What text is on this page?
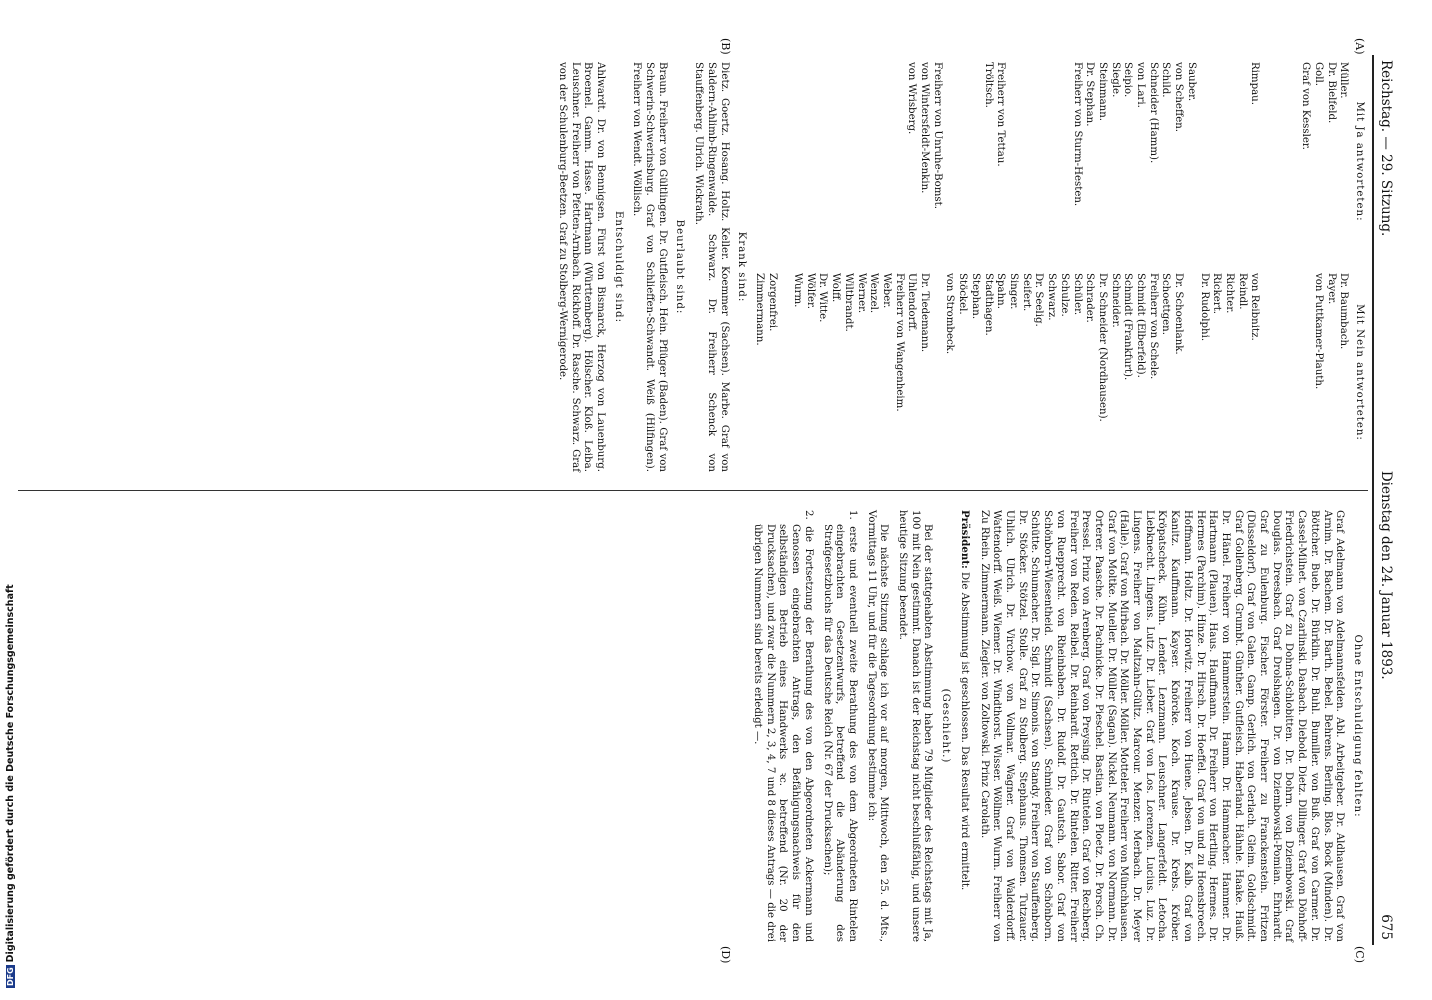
Reichstag. — 29. Sitzung.
Dienstag den 24. Januar 1893.
675
(A)
(B)
(C)
(D)
Mit Ja antworteten:
Müller.
Dr. Bielfeld.
Goll.
Graf von Kessler.

Rimpau.

Sauber.
von Scheffen.
Schild.
Schneider (Hamm).
von Lari.
Seipio.
Siegle.
Steinmann.
Dr. Stephan.
Freiherr von Sturm-Hesten.

Freiherr von Tettau.
Tröltsch.

Freiherr von Unruhe-Bomst.
von Wintersfeldt-Menkin.
von Wrisberg.
Mit Nein antworteten:
Dr. Baumbach.
Payer.
von Puttkamer-Plauth.

von Reibnitz.
Reindl.
Richter.
Rickert.
Dr. Rudolphi.

Dr. Schoenlank.
Schoettgen.
Freiherr von Schele.
Schmidt (Elberfeld).
Schmidt (Frankfurt).
Schneider.
Dr. Schneider (Nordhausen).
Schrader.
Schüler.
Schulze.
Schwarz.
Dr. Seelig.
Seifert.
Singer.
Spahn.
Stadthagen.
Stephan.
Stöckel.
von Strombeck.

Dr. Tiedemann.
Uhlendorff.
Freiherr von Wangenheim.
Weber.
Wenzel.
Werner.
Wiltbrandt.
Wolff.
Dr. Witte.
Wölfer.
Wurm.

Zorgenfrei.
Zimmermann.
Krank sind:

Dietz. Goertz. Hosang. Holtz. Keller. Koemmer (Sachsen). Marbe. Graf von Saldern-Ahlimb-Ringenwalde. Schwarz. Dr. Freiherr Schenck von Stauffenberg. Ulrich. Wickrath.

Beurlaubt sind:

Braun. Freiherr von Gültlingen. Dr. Gutfleisch. Hein. Pflüger (Baden). Graf von Schwerin-Schwerinsburg. Graf von Schlieffen-Schwandt. Weiß (Hilfingen). Freiherr von Wendt. Wöllisch.

Entschuldigt sind:

Ahlwardt. Dr. von Bennigsen. Fürst von Bismarck, Herzog von Lauenburg. Broemel. Gamm. Hasse. Hartmann (Württemberg). Hölscher. Kloß. Leiba. Leuschner. Freiherr von Pfetten-Arnbach. Rickhoff. Dr. Rasche. Schwarz. Graf von der Schulenburg-Beetzen. Graf zu Stolberg-Wernigerode.

Ohne Entschuldigung fehlten:

Graf Adelmann von Adelmannsfelden. Abl. Arbeitgeber. Dr. Aldhausen. Graf von Arnim. Dr. Bachem. Dr. Barth. Bebel. Behrens. Berling. Blos. Bock (Minden). Dr. Böttcher. Bueb. Dr. Bürklin. Dr. Buhl. Bumiller. von Buß. Graf von Carmer. Dr. Cassel-Milnet. von Czarlinski. Dasbach. Diebold. Dietz. Dillinger. Graf von Dönhoff-Friedrichstein. Graf zu Dohna-Schlobitten. Dr. Dohrn. von Dziembowski. Graf Douglas. Dreesbach. Graf Drolshagen. Dr. von Dziembowski-Pomian. Ehrhardt. Graf zu Eulenburg. Fischer. Förster. Freiherr zu Franckenstein. Fritzen (Düsseldorf). Graf von Galen. Gamp. Gerlich. von Gerlach. Gleim. Goldschmidt. Graf Gollenberg. Grumbt. Günther. Gutfleisch. Haberland. Hähnle. Haake. Hauß. Dr. Hänel. Freiherr von Hammerstein. Hamm. Dr. Hammacher. Hammer. Dr. Hartmann (Plauen). Haus. Hauffmann. Dr. Freiherr von Hertling. Hermes. Dr. Hermes (Parchim). Hinze. Dr. Hirsch. Dr. Hoeffel. Graf von und zu Hoensbroech. Hoffmann. Holtz. Dr. Horwitz. Freiherr von Huene. Jebsen. Dr. Kalb. Graf von Kanitz. Kauffmann. Kayser. Knörcke. Koch. Krause. Dr. Krebs. Kröber. Kröpatscheck. Kühn. Lender. Lenzmann. Leuschner. Langerfeldt. Letocha. Liebknecht. Lingens. Lutz. Dr. Lieber. Graf von Los. Lorenzen. Lucius. Luz. Dr. Lingens. Freiherr von Maltzahn-Gültz. Marcour. Menzer. Merbach. Dr. Meyer (Halle). Graf von Mirbach. Dr. Möller. Möller. Motteler. Freiherr von Münchhausen. Graf von Moltke. Mueller. Dr. Müller (Sagan). Nickel. Neumann. von Normann. Dr. Orterer. Paasche. Dr. Pachnicke. Dr. Pieschel. Bastian. von Ploetz. Dr. Porsch. Ch. Pressel. Prinz von Arenberg. Graf von Preysing. Dr. Rintelen. Graf von Rechberg. Freiherr von Reden. Reibel. Dr. Reinhardt. Rettich. Dr. Rintelen. Ritter. Freiherr von Ruepprecht. von Rheinbaben. Dr. Rudolf. Dr. Gautsch. Sabor. Graf von Schönborn-Wiesentheid. Schmidt (Sachsen). Schmieder. Graf von Schönborn. Schütte. Schumacher. Dr. Sigl. Dr. Simonis. von Standy. Freiherr von Stauffenberg. Dr. Stöcker. Stötzel. Stolle. Graf zu Stolberg. Stephanus. Thomsen. Tutzauer. Uhlich. Ulrich. Dr. Virchow. von Vollmar. Wagner. Graf von Walderdorff. Wattendorff. Weiß. Wiemer. Dr. Windthorst. Wisser. Wöllmer. Wurm. Freiherr von Zu Rhein. Zimmermann. Ziegler. von Zoltowski. Prinz Carolath.

Präsident: Die Abstimmung ist geschlossen. Das Resultat wird ermittelt.

(Geschieht.)

Bei der stattgehabten Abstimmung haben 79 Mitglieder des Reichstags mit Ja, 100 mit Nein gestimmt. Danach ist der Reichstag nicht beschlußfähig, und unsere heutige Sitzung beendet.

Die nächste Sitzung schlage ich vor auf morgen, Mittwoch, den 25. d. Mts., Vormittags 11 Uhr, und für die Tagesordnung bestimme ich:

1. erste und eventuell zweite Berathung des von dem Abgeordneten Rintelen eingebrachten Gesetzentwurfs, betreffend die Abänderung des Strafgesetzbuchs für das Deutsche Reich (Nr. 67 der Drucksachen);

2. die Fortsetzung der Berathung des von den Abgeordneten Ackermann und Genossen eingebrachten Antrags, den Befähigungsnachweis für den selbständigen Betrieb eines Handwerks ꝛc. betreffend (Nr. 20 der Drucksachen), und zwar die Nummern 2, 3, 4, 7 und 8 dieses Antrags — die drei übrigen Nummern sind bereits erledigt —.

DFGDigitalisierung gefördert durch die Deutsche Forschungsgemeinschaft
